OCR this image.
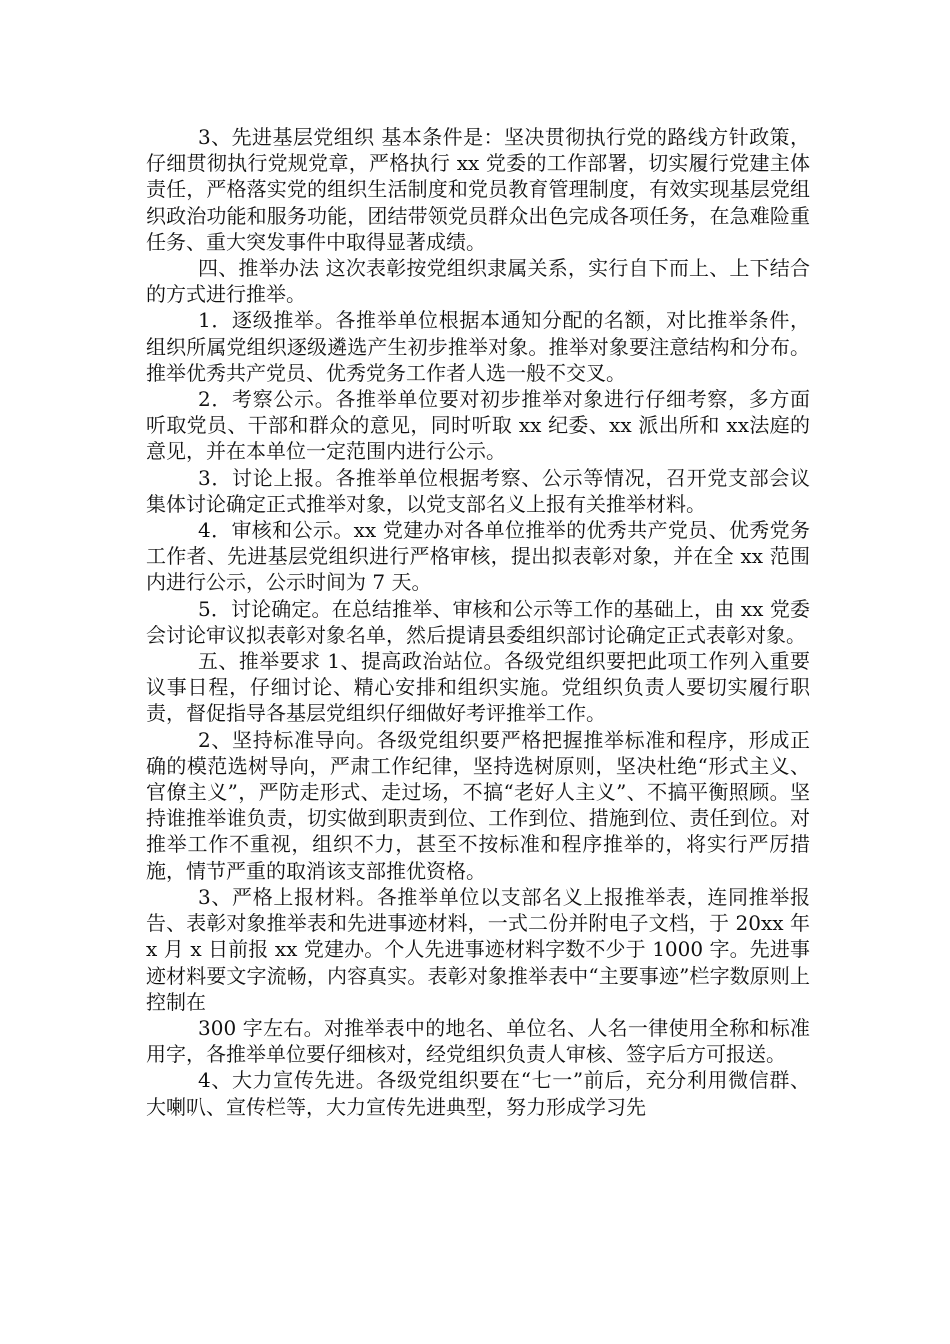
3、先进基层党组织 基本条件是：坚决贯彻执行党的路线方针政策，仔细贯彻执行党规党章，严格执行 xx 党委的工作部署，切实履行党建主体责任，严格落实党的组织生活制度和党员教育管理制度，有效实现基层党组织政治功能和服务功能，团结带领党员群众出色完成各项任务，在急难险重任务、重大突发事件中取得显著成绩。

四、推举办法 这次表彰按党组织隶属关系，实行自下而上、上下结合的方式进行推举。

1．逐级推举。各推举单位根据本通知分配的名额，对比推举条件，组织所属党组织逐级遴选产生初步推举对象。推举对象要注意结构和分布。推举优秀共产党员、优秀党务工作者人选一般不交叉。

2．考察公示。各推举单位要对初步推举对象进行仔细考察，多方面听取党员、干部和群众的意见，同时听取 xx 纪委、xx 派出所和 xx法庭的意见，并在本单位一定范围内进行公示。

3．讨论上报。各推举单位根据考察、公示等情况，召开党支部会议集体讨论确定正式推举对象，以党支部名义上报有关推举材料。

4．审核和公示。xx 党建办对各单位推举的优秀共产党员、优秀党务工作者、先进基层党组织进行严格审核，提出拟表彰对象，并在全 xx 范围内进行公示，公示时间为 7 天。

5．讨论确定。在总结推举、审核和公示等工作的基础上，由 xx 党委会讨论审议拟表彰对象名单，然后提请县委组织部讨论确定正式表彰对象。

五、推举要求 1、提高政治站位。各级党组织要把此项工作列入重要议事日程，仔细讨论、精心安排和组织实施。党组织负责人要切实履行职责，督促指导各基层党组织仔细做好考评推举工作。

2、坚持标准导向。各级党组织要严格把握推举标准和程序，形成正确的模范选树导向，严肃工作纪律，坚持选树原则，坚决杜绝“形式主义、官僚主义”，严防走形式、走过场，不搞“老好人主义”、不搞平衡照顾。坚持谁推举谁负责，切实做到职责到位、工作到位、措施到位、责任到位。对推举工作不重视，组织不力，甚至不按标准和程序推举的，将实行严厉措施，情节严重的取消该支部推优资格。

3、严格上报材料。各推举单位以支部名义上报推举表，连同推举报告、表彰对象推举表和先进事迹材料，一式二份并附电子文档，于 20xx 年 x 月 x 日前报 xx 党建办。个人先进事迹材料字数不少于 1000 字。先进事迹材料要文字流畅，内容真实。表彰对象推举表中“主要事迹”栏字数原则上控制在

300 字左右。对推举表中的地名、单位名、人名一律使用全称和标准用字，各推举单位要仔细核对，经党组织负责人审核、签字后方可报送。

4、大力宣传先进。各级党组织要在“七一”前后，充分利用微信群、大喇叭、宣传栏等，大力宣传先进典型，努力形成学习先
